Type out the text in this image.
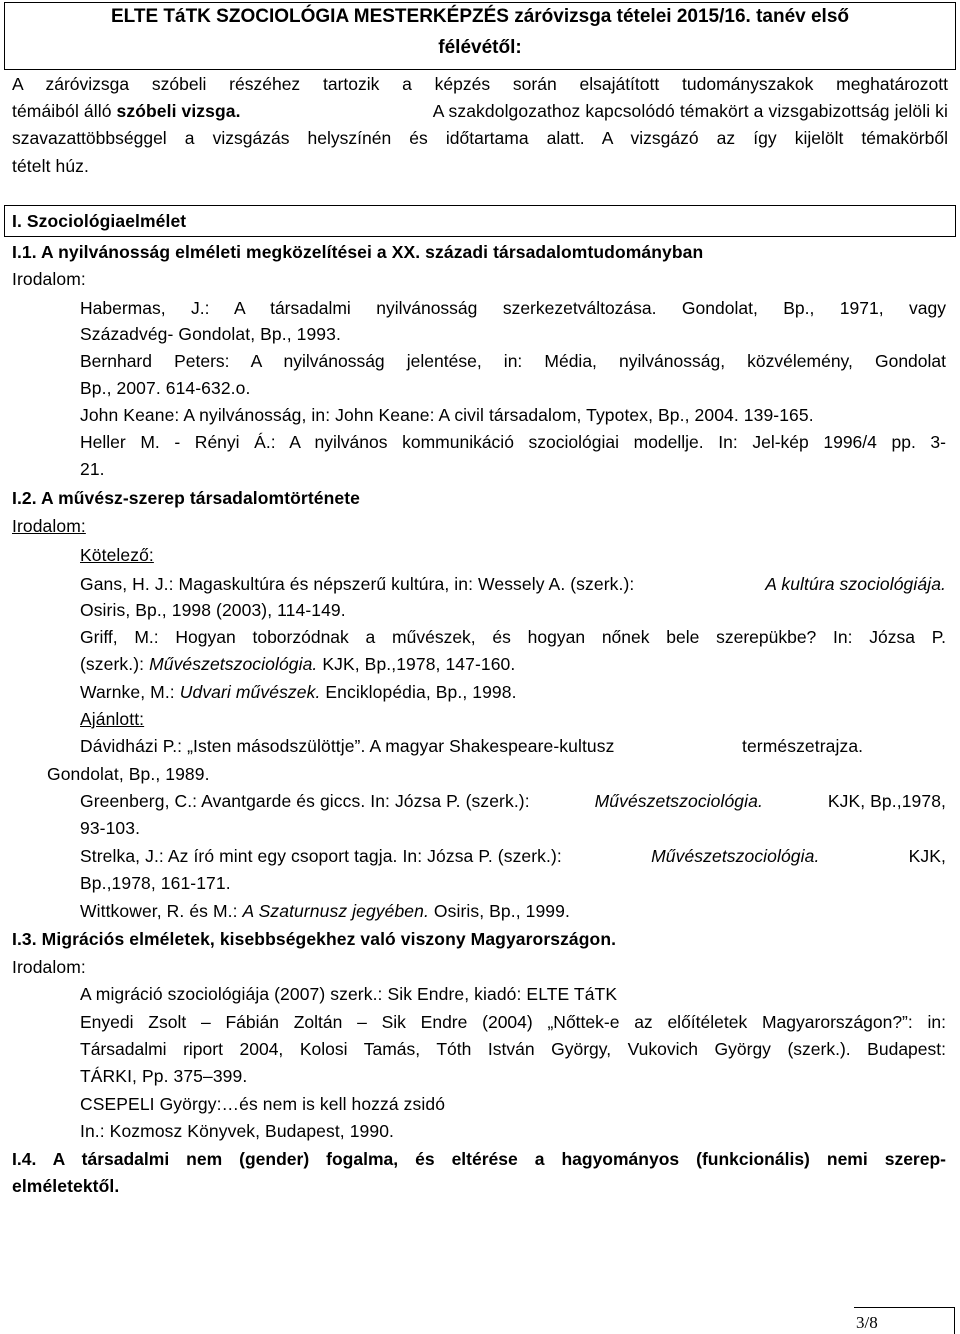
ELTE TáTK SZOCIOLÓGIA MESTERKÉPZÉS záróvizsga tételei 2015/16. tanév első
félévétől:
A záróvizsga szóbeli részéhez tartozik a képzés során elsajátított tudományszakok meghatározott
témáiból álló szóbeli vizsga.	A szakdolgozathoz kapcsolódó témakört a vizsgabizottság jelöli ki
szavazattöbbséggel a vizsgázás helyszínén és időtartama alatt. A vizsgázó az így kijelölt témakörből
tételt húz.
I. Szociológiaelmélet
I.1. A nyilvánosság elméleti megközelítései a XX. századi társadalomtudományban
Irodalom:
Habermas, J.: A társadalmi nyilvánosság szerkezetváltozása. Gondolat, Bp., 1971, vagy
Századvég- Gondolat, Bp., 1993.
Bernhard Peters: A nyilvánosság jelentése, in: Média, nyilvánosság, közvélemény, Gondolat
Bp., 2007. 614-632.o.
John Keane: A nyilvánosság, in: John Keane: A civil társadalom, Typotex, Bp., 2004. 139-165.
Heller M. - Rényi Á.: A nyilvános kommunikáció szociológiai modellje. In: Jel-kép 1996/4 pp. 3-
21.
I.2. A művész-szerep társadalomtörténete
Irodalom:
Kötelező:
Gans, H. J.: Magaskultúra és népszerű kultúra, in: Wessely A. (szerk.):	A kultúra szociológiája.
Osiris, Bp., 1998 (2003), 114-149.
Griff, M.: Hogyan toborzódnak a művészek, és hogyan nőnek bele szerepükbe? In: Józsa P.
(szerk.): Művészetszociológia. KJK, Bp.,1978, 147-160.
Warnke, M.: Udvari művészek. Enciklopédia, Bp., 1998.
Ajánlott:
Dávidházi P.: „Isten másodszülöttje”. A magyar Shakespeare-kultusz	természetrajza.
Gondolat, Bp., 1989.
Greenberg, C.: Avantgarde és giccs. In: Józsa P. (szerk.):	Művészetszociológia.	KJK, Bp.,1978,
93-103.
Strelka, J.: Az író mint egy csoport tagja. In: Józsa P. (szerk.):	Művészetszociológia.	KJK,
Bp.,1978, 161-171.
Wittkower, R. és M.: A Szaturnusz jegyében. Osiris, Bp., 1999.
I.3. Migrációs elméletek, kisebbségekhez való viszony Magyarországon.
Irodalom:
A migráció szociológiája (2007) szerk.: Sik Endre, kiadó: ELTE TáTK
Enyedi Zsolt – Fábián Zoltán – Sik Endre (2004) „Nőttek-e az előítéletek Magyarországon?”: in:
Társadalmi riport 2004, Kolosi Tamás, Tóth István György, Vukovich György (szerk.). Budapest:
TÁRKI, Pp. 375–399.
CSEPELI György:…és nem is kell hozzá zsidó
In.: Kozmosz Könyvek, Budapest, 1990.
I.4. A társadalmi nem (gender) fogalma, és eltérése a hagyományos (funkcionális) nemi szerep-
elméletektől.
3/8
